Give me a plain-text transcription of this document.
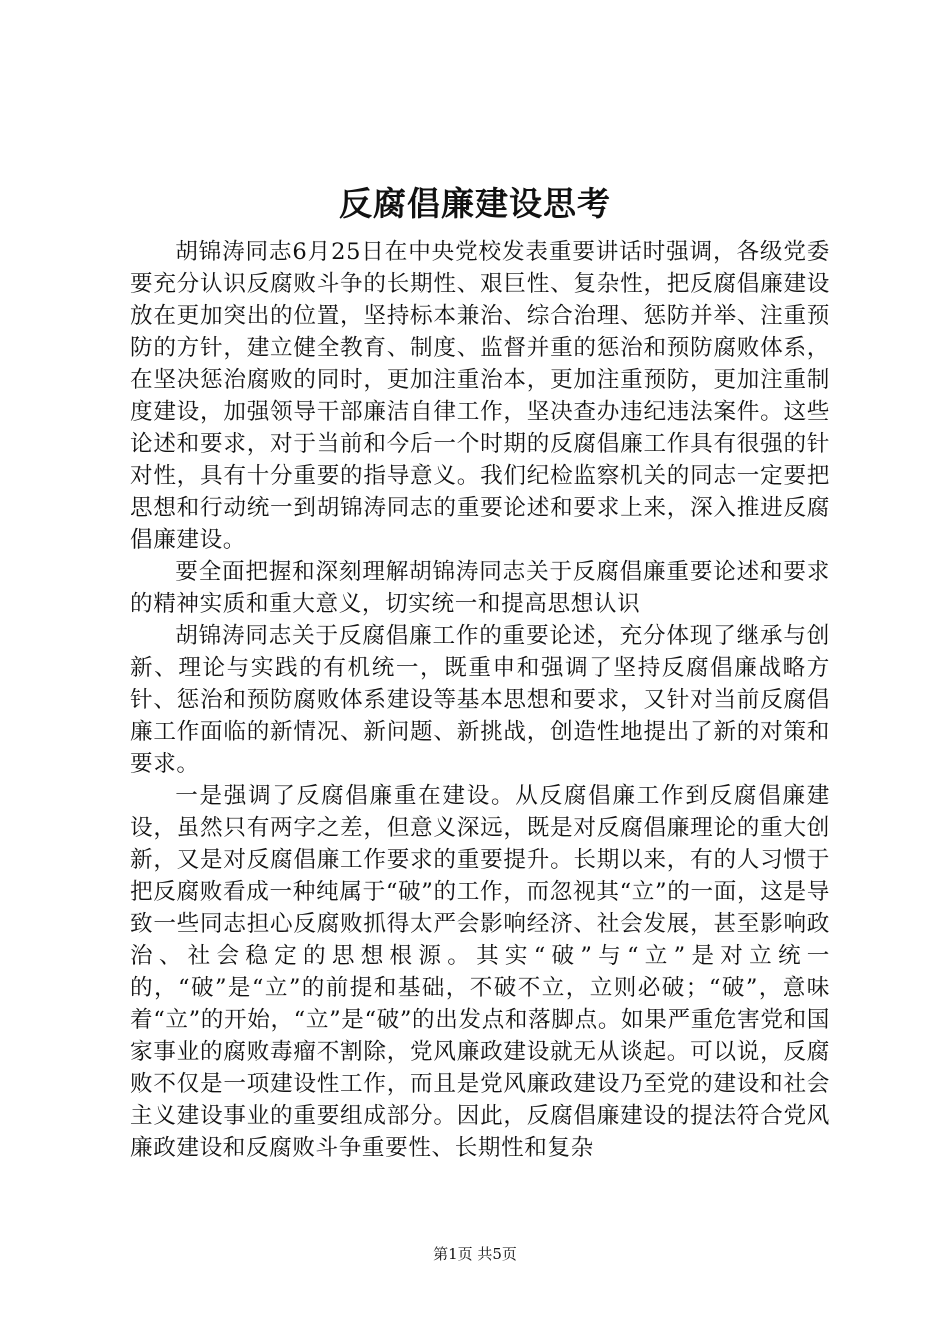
反腐倡廉建设思考

胡锦涛同志6月25日在中央党校发表重要讲话时强调，各级党委要充分认识反腐败斗争的长期性、艰巨性、复杂性，把反腐倡廉建设放在更加突出的位置，坚持标本兼治、综合治理、惩防并举、注重预防的方针，建立健全教育、制度、监督并重的惩治和预防腐败体系，在坚决惩治腐败的同时，更加注重治本，更加注重预防，更加注重制度建设，加强领导干部廉洁自律工作，坚决查办违纪违法案件。这些论述和要求，对于当前和今后一个时期的反腐倡廉工作具有很强的针对性，具有十分重要的指导意义。我们纪检监察机关的同志一定要把思想和行动统一到胡锦涛同志的重要论述和要求上来，深入推进反腐倡廉建设。

要全面把握和深刻理解胡锦涛同志关于反腐倡廉重要论述和要求的精神实质和重大意义，切实统一和提高思想认识

胡锦涛同志关于反腐倡廉工作的重要论述，充分体现了继承与创新、理论与实践的有机统一，既重申和强调了坚持反腐倡廉战略方针、惩治和预防腐败体系建设等基本思想和要求，又针对当前反腐倡廉工作面临的新情况、新问题、新挑战，创造性地提出了新的对策和要求。

一是强调了反腐倡廉重在建设。从反腐倡廉工作到反腐倡廉建设，虽然只有两字之差，但意义深远，既是对反腐倡廉理论的重大创新，又是对反腐倡廉工作要求的重要提升。长期以来，有的人习惯于把反腐败看成一种纯属于“破”的工作，而忽视其“立”的一面，这是导致一些同志担心反腐败抓得太严会影响经济、社会发展，甚至影响政治、社会稳定的思想根源。其实“破”与“立”是对立统一的，“破”是“立”的前提和基础，不破不立，立则必破；“破”，意味着“立”的开始，“立”是“破”的出发点和落脚点。如果严重危害党和国家事业的腐败毒瘤不割除，党风廉政建设就无从谈起。可以说，反腐败不仅是一项建设性工作，而且是党风廉政建设乃至党的建设和社会主义建设事业的重要组成部分。因此，反腐倡廉建设的提法符合党风廉政建设和反腐败斗争重要性、长期性和复杂

第1页 共5页
